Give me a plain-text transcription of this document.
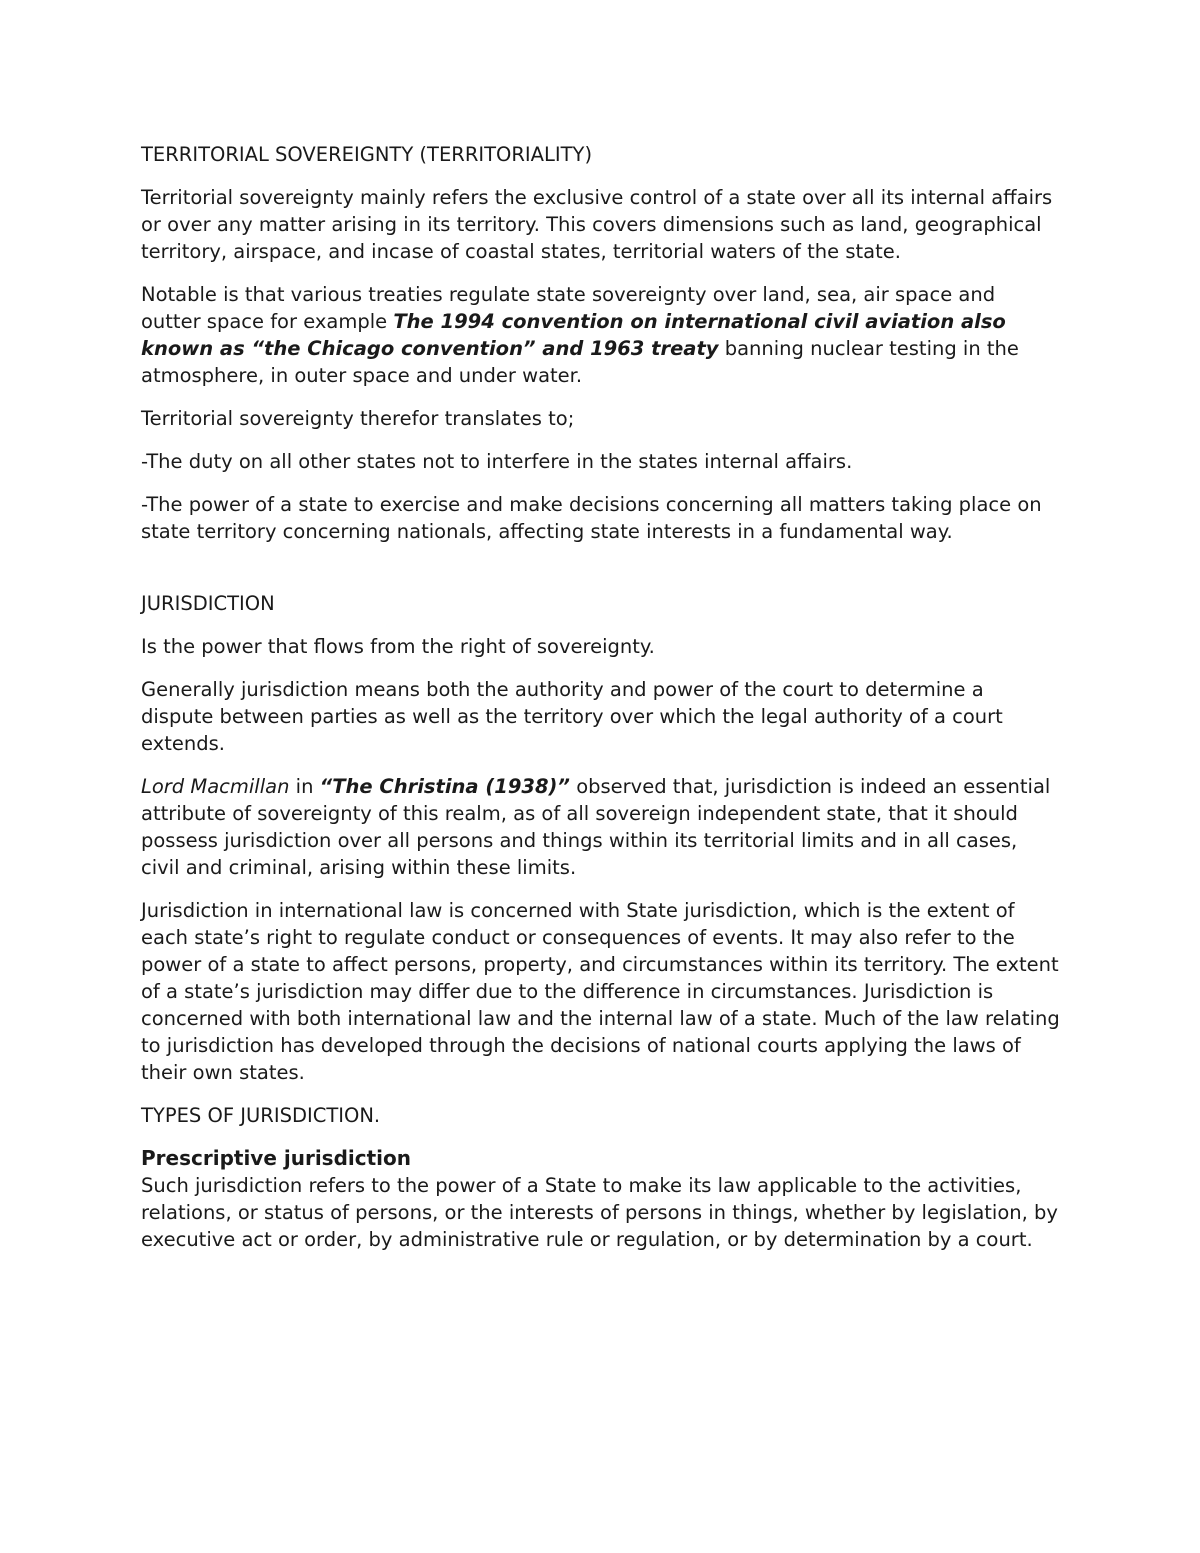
TERRITORIAL SOVEREIGNTY (TERRITORIALITY)

Territorial sovereignty mainly refers the exclusive control of a state over all its internal affairs or over any matter arising in its territory. This covers dimensions such as land, geographical territory, airspace, and incase of coastal states, territorial waters of the state.

Notable is that various treaties regulate state sovereignty over land, sea, air space and outter space for example The 1994 convention on international civil aviation also known as “the Chicago convention” and 1963 treaty banning nuclear testing in the atmosphere, in outer space and under water.

Territorial sovereignty therefor translates to;

-The duty on all other states not to interfere in the states internal affairs.

-The power of a state to exercise and make decisions concerning all matters taking place on state territory concerning nationals, affecting state interests in a fundamental way.

JURISDICTION

Is the power that flows from the right of sovereignty.

Generally jurisdiction means both the authority and power of the court to determine a dispute between parties as well as the territory over which the legal authority of a court extends.

Lord Macmillan in “The Christina (1938)” observed that, jurisdiction is indeed an essential attribute of sovereignty of this realm, as of all sovereign independent state, that it should possess jurisdiction over all persons and things within its territorial limits and in all cases, civil and criminal, arising within these limits.

Jurisdiction in international law is concerned with State jurisdiction, which is the extent of each state’s right to regulate conduct or consequences of events. It may also refer to the power of a state to affect persons, property, and circumstances within its territory. The extent of a state’s jurisdiction may differ due to the difference in circumstances. Jurisdiction is concerned with both international law and the internal law of a state. Much of the law relating to jurisdiction has developed through the decisions of national courts applying the laws of their own states.

TYPES OF JURISDICTION.

Prescriptive jurisdiction

Such jurisdiction refers to the power of a State to make its law applicable to the activities, relations, or status of persons, or the interests of persons in things, whether by legislation, by executive act or order, by administrative rule or regulation, or by determination by a court.
